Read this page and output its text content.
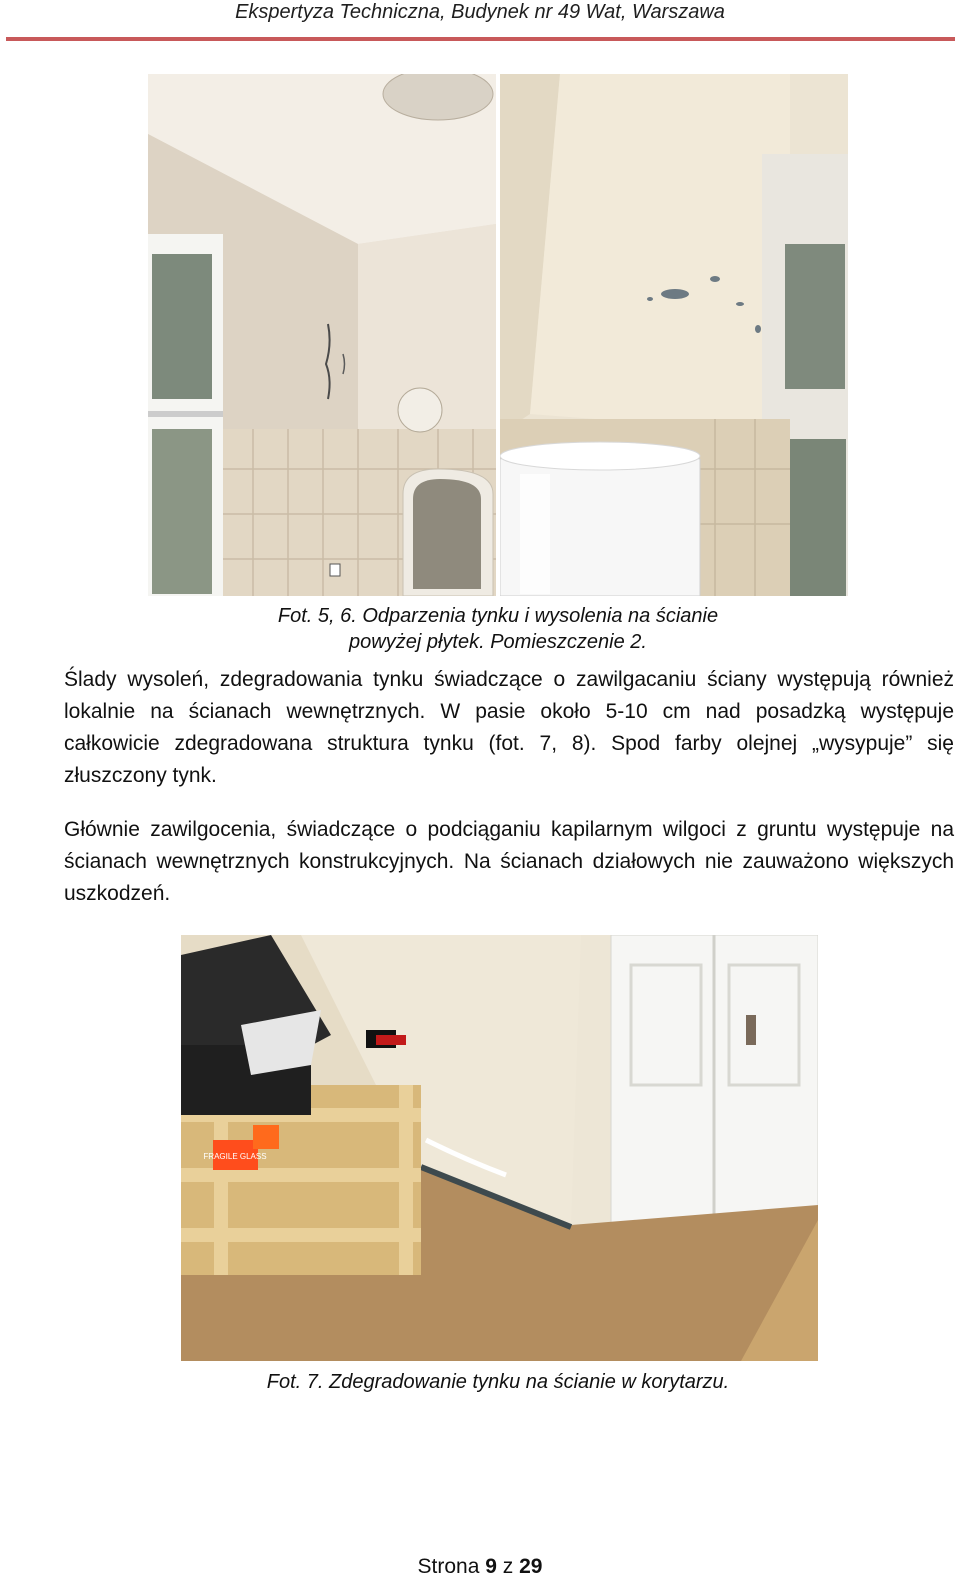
Ekspertyza Techniczna, Budynek nr 49 Wat, Warszawa
Fot. 5, 6. Odparzenia tynku i wysolenia na ścianie
powyżej płytek. Pomieszczenie 2.

Ślady wysoleń, zdegradowania tynku świadczące o zawilgacaniu ściany występują również lokalnie na ścianach wewnętrznych. W pasie około 5-10 cm nad posadzką występuje całkowicie zdegradowana struktura tynku (fot. 7, 8). Spod farby olejnej „wysypuje” się złuszczony tynk.

Głównie zawilgocenia, świadczące o podciąganiu kapilarnym wilgoci z gruntu występuje na ścianach wewnętrznych konstrukcyjnych. Na ścianach działowych nie zauważono większych uszkodzeń.

FRAGILE GLASS
Fot. 7. Zdegradowanie tynku na ścianie w korytarzu.
Strona 9 z 29
